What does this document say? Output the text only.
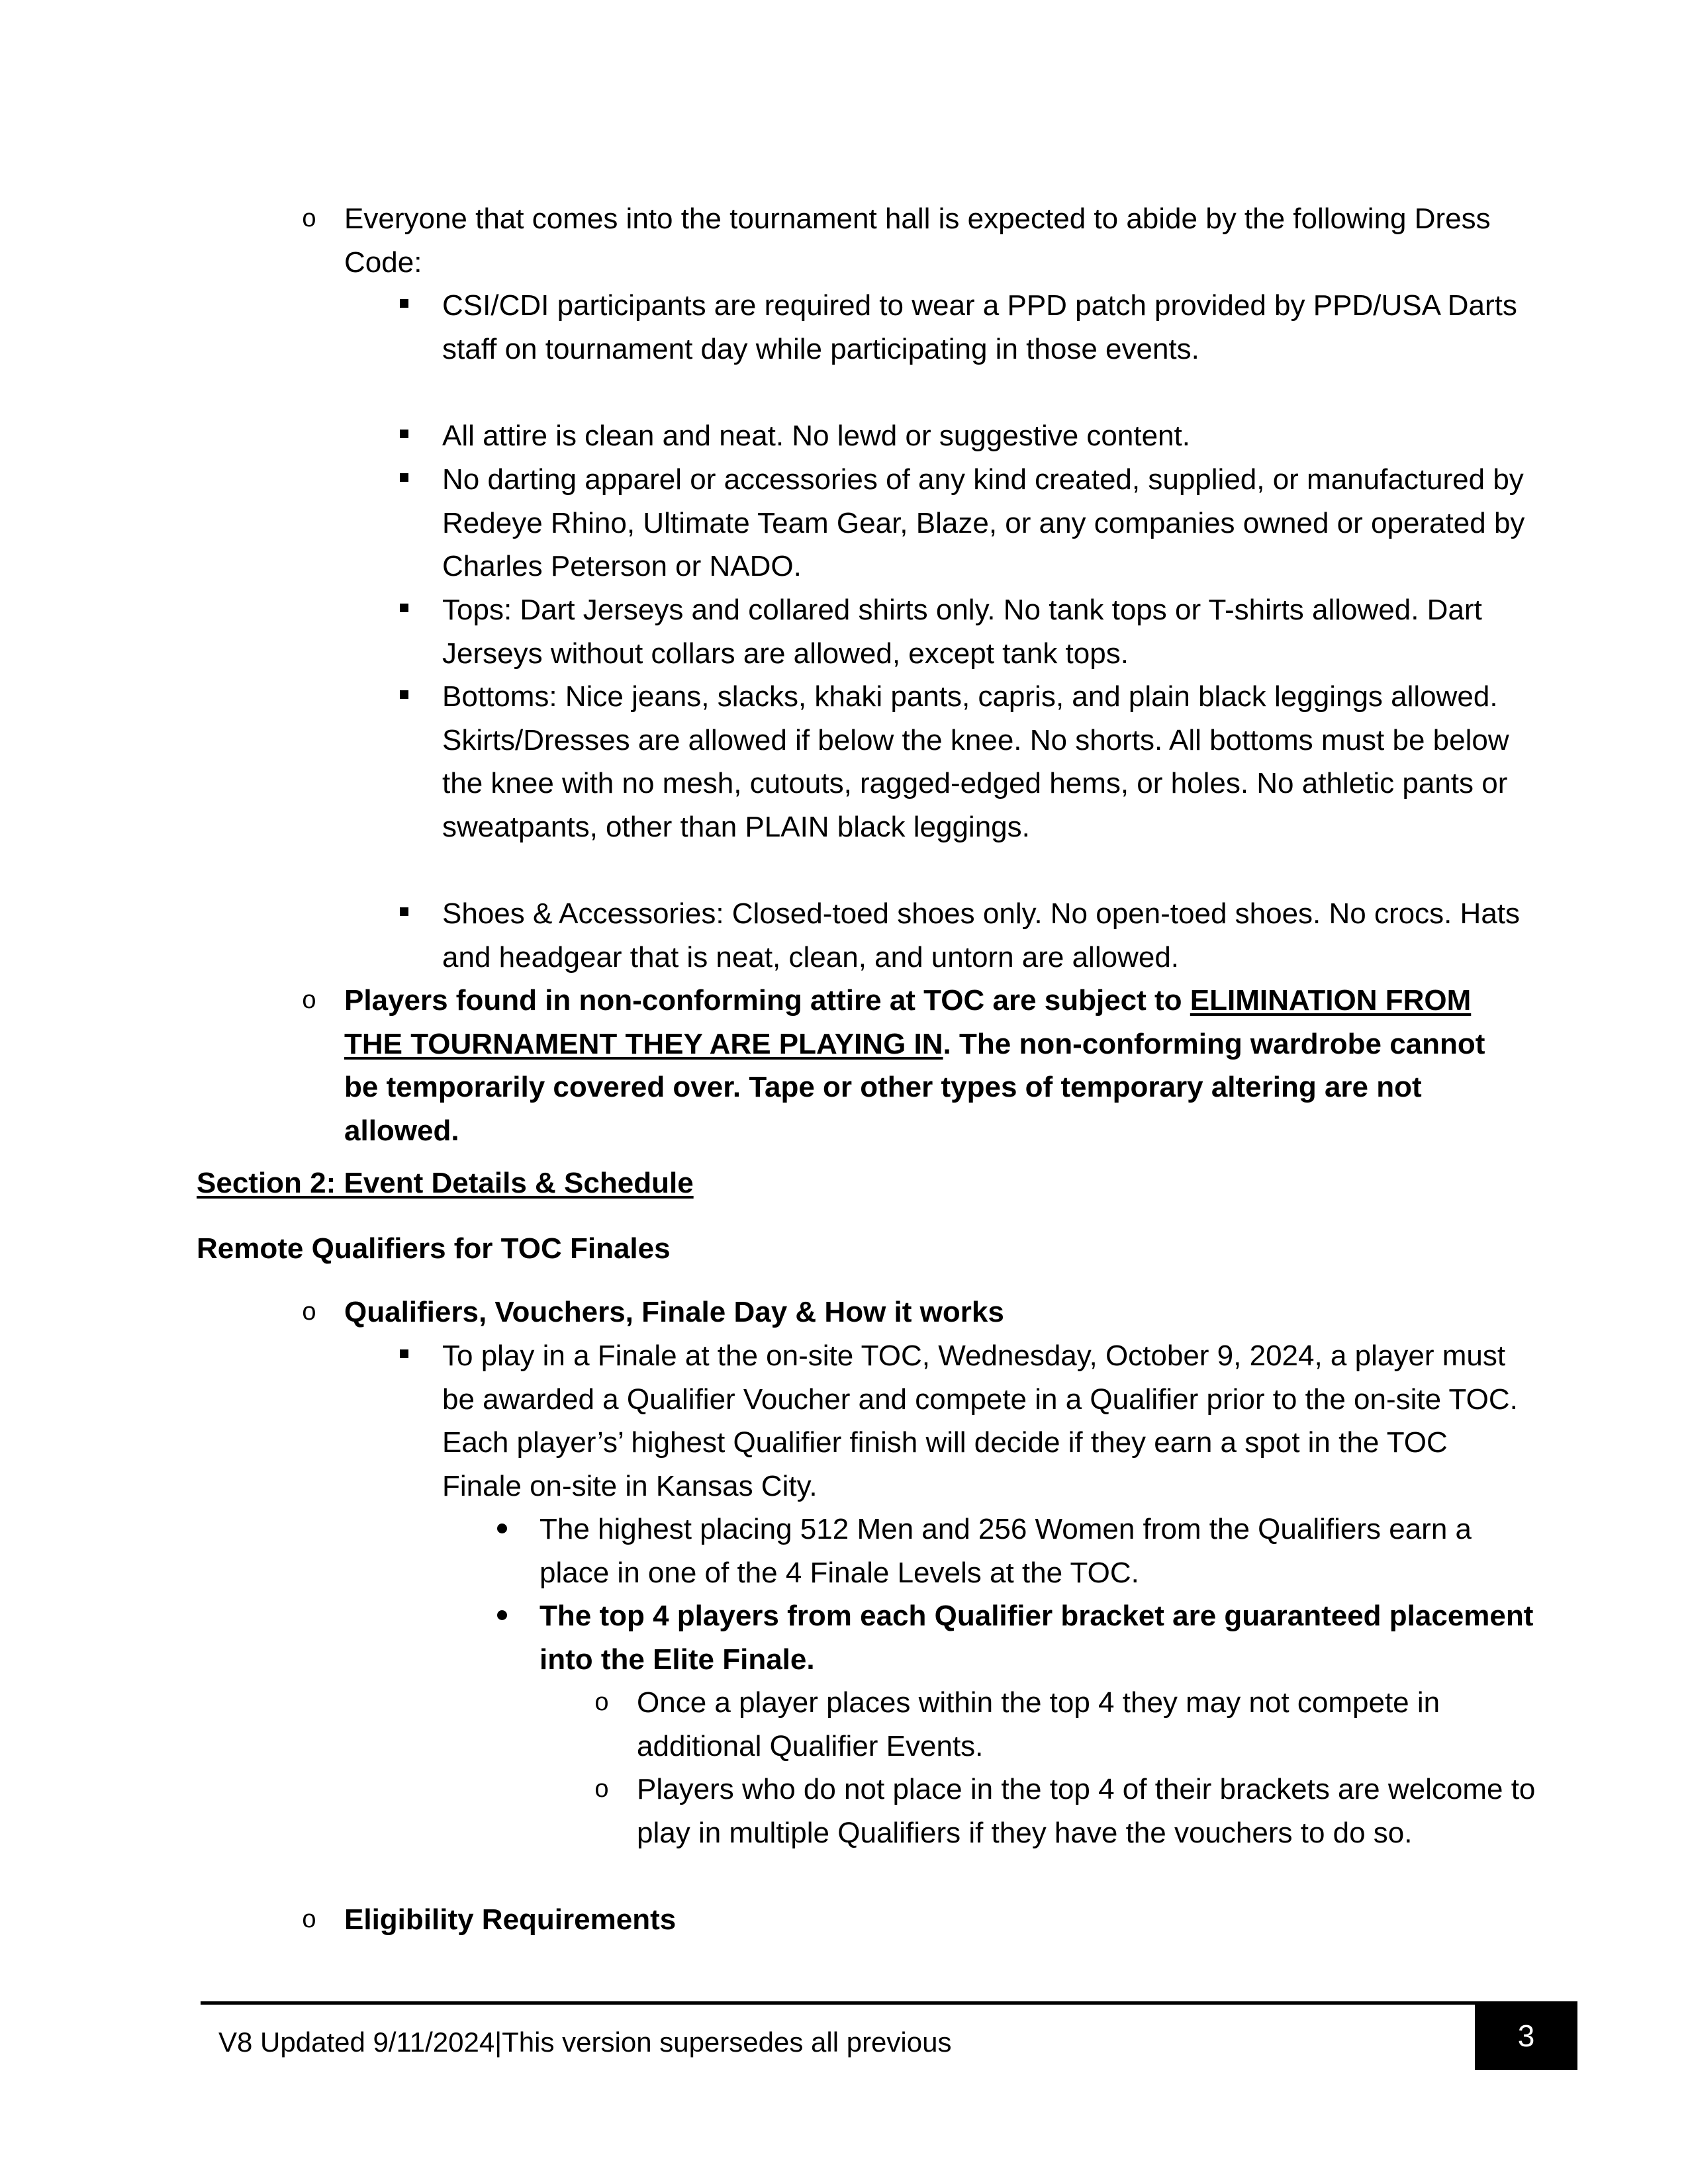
o Everyone that comes into the tournament hall is expected to abide by the following Dress Code:
CSI/CDI participants are required to wear a PPD patch provided by PPD/USA Darts staff on tournament day while participating in those events.
All attire is clean and neat. No lewd or suggestive content.
No darting apparel or accessories of any kind created, supplied, or manufactured by Redeye Rhino, Ultimate Team Gear, Blaze, or any companies owned or operated by Charles Peterson or NADO.
Tops: Dart Jerseys and collared shirts only. No tank tops or T-shirts allowed. Dart Jerseys without collars are allowed, except tank tops.
Bottoms: Nice jeans, slacks, khaki pants, capris, and plain black leggings allowed. Skirts/Dresses are allowed if below the knee. No shorts. All bottoms must be below the knee with no mesh, cutouts, ragged-edged hems, or holes. No athletic pants or sweatpants, other than PLAIN black leggings.
Shoes & Accessories: Closed-toed shoes only. No open-toed shoes. No crocs. Hats and headgear that is neat, clean, and untorn are allowed.
o Players found in non-conforming attire at TOC are subject to ELIMINATION FROM THE TOURNAMENT THEY ARE PLAYING IN. The non-conforming wardrobe cannot be temporarily covered over. Tape or other types of temporary altering are not allowed.
Section 2: Event Details & Schedule
Remote Qualifiers for TOC Finales
o Qualifiers, Vouchers, Finale Day & How it works
To play in a Finale at the on-site TOC, Wednesday, October 9, 2024, a player must be awarded a Qualifier Voucher and compete in a Qualifier prior to the on-site TOC. Each player’s’ highest Qualifier finish will decide if they earn a spot in the TOC Finale on-site in Kansas City.
The highest placing 512 Men and 256 Women from the Qualifiers earn a place in one of the 4 Finale Levels at the TOC.
The top 4 players from each Qualifier bracket are guaranteed placement into the Elite Finale.
o Once a player places within the top 4 they may not compete in additional Qualifier Events.
o Players who do not place in the top 4 of their brackets are welcome to play in multiple Qualifiers if they have the vouchers to do so.
o Eligibility Requirements
V8 Updated 9/11/2024|This version supersedes all previous	3
